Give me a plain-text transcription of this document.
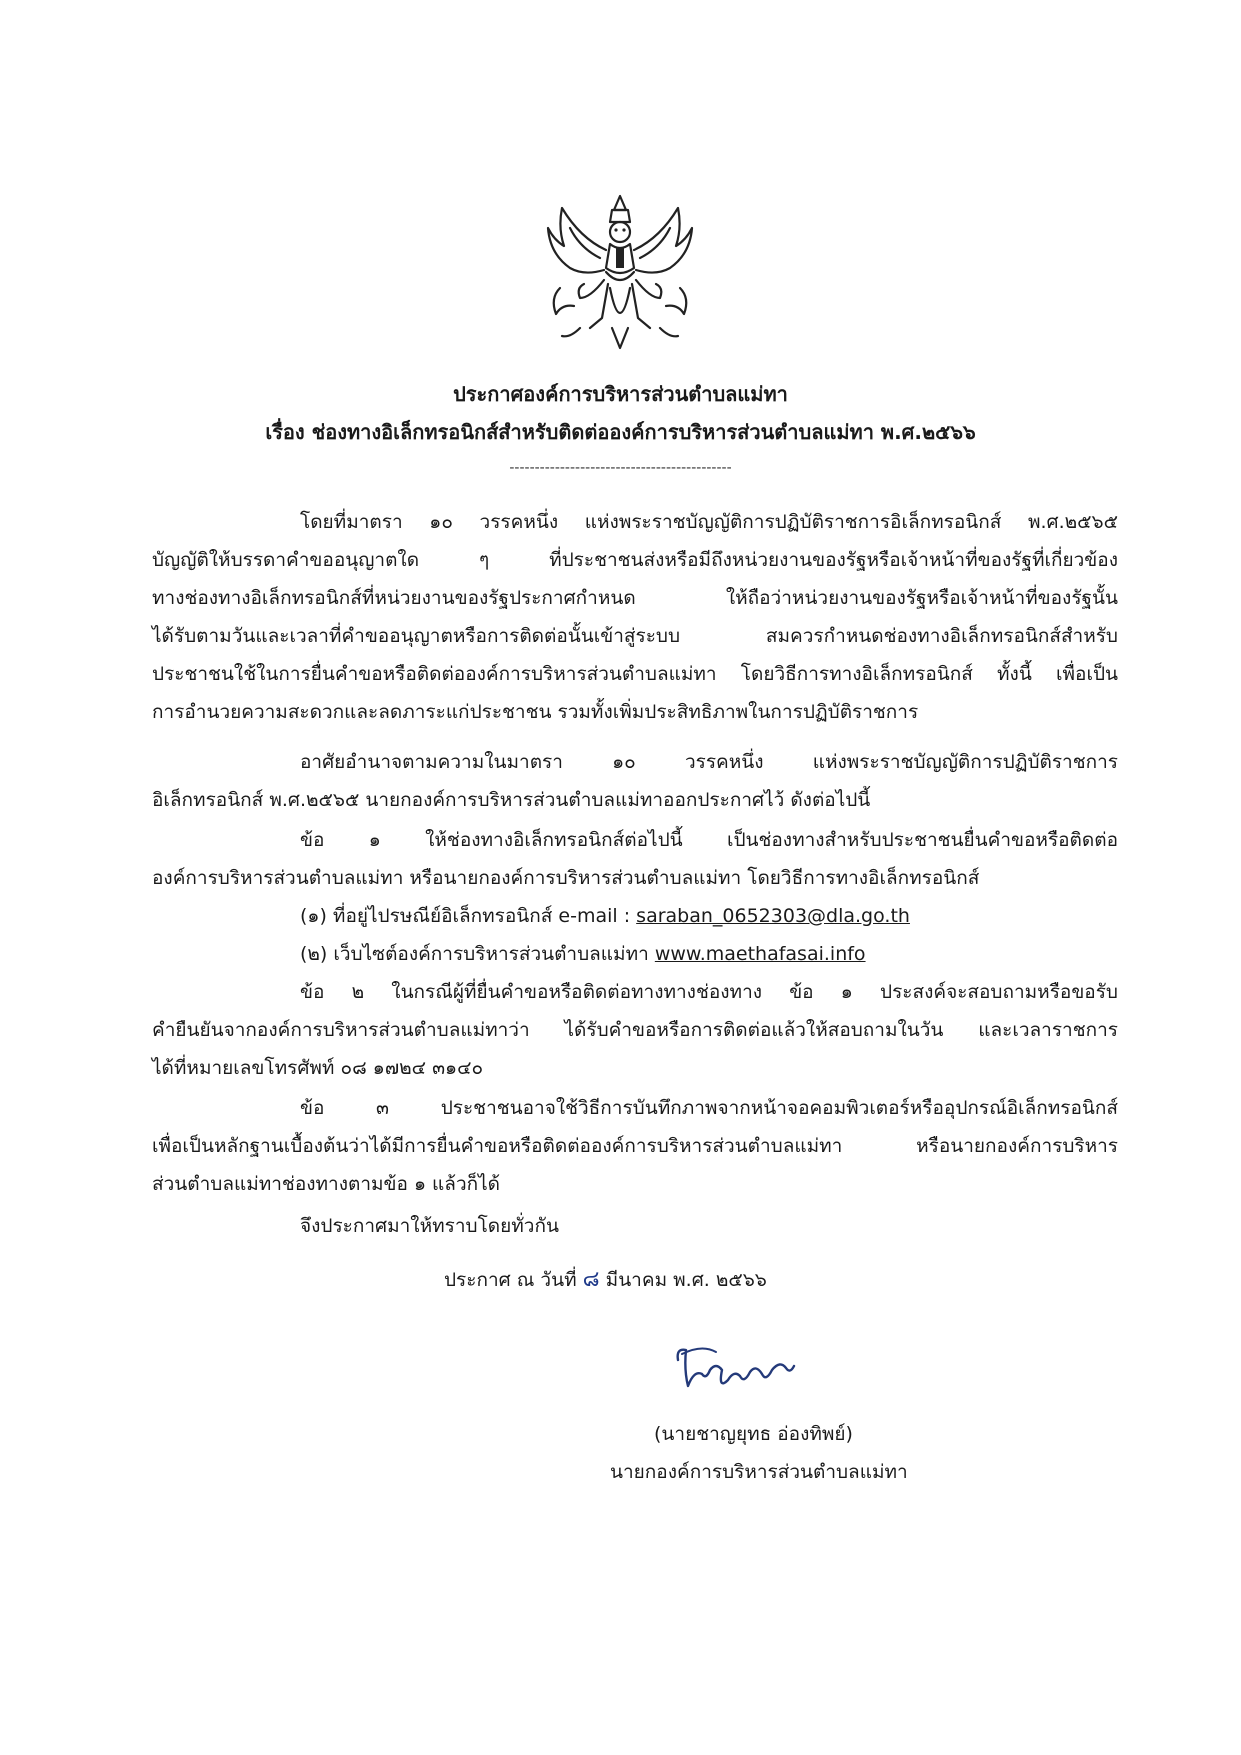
ประกาศองค์การบริหารส่วนตำบลแม่ทา
เรื่อง ช่องทางอิเล็กทรอนิกส์สำหรับติดต่อองค์การบริหารส่วนตำบลแม่ทา พ.ศ.๒๕๖๖
--------------------------------------------
โดยที่มาตรา ๑๐ วรรคหนึ่ง แห่งพระราชบัญญัติการปฏิบัติราชการอิเล็กทรอนิกส์ พ.ศ.๒๕๖๕
บัญญัติให้บรรดาคำขออนุญาตใด ๆ ที่ประชาชนส่งหรือมีถึงหน่วยงานของรัฐหรือเจ้าหน้าที่ของรัฐที่เกี่ยวข้อง
ทางช่องทางอิเล็กทรอนิกส์ที่หน่วยงานของรัฐประกาศกำหนด ให้ถือว่าหน่วยงานของรัฐหรือเจ้าหน้าที่ของรัฐนั้น
ได้รับตามวันและเวลาที่คำขออนุญาตหรือการติดต่อนั้นเข้าสู่ระบบ สมควรกำหนดช่องทางอิเล็กทรอนิกส์สำหรับ
ประชาชนใช้ในการยื่นคำขอหรือติดต่อองค์การบริหารส่วนตำบลแม่ทา โดยวิธีการทางอิเล็กทรอนิกส์ ทั้งนี้ เพื่อเป็น
การอำนวยความสะดวกและลดภาระแก่ประชาชน รวมทั้งเพิ่มประสิทธิภาพในการปฏิบัติราชการ
อาศัยอำนาจตามความในมาตรา ๑๐ วรรคหนึ่ง แห่งพระราชบัญญัติการปฏิบัติราชการ
อิเล็กทรอนิกส์ พ.ศ.๒๕๖๕ นายกองค์การบริหารส่วนตำบลแม่ทาออกประกาศไว้ ดังต่อไปนี้
ข้อ ๑ ให้ช่องทางอิเล็กทรอนิกส์ต่อไปนี้ เป็นช่องทางสำหรับประชาชนยื่นคำขอหรือติดต่อ
องค์การบริหารส่วนตำบลแม่ทา หรือนายกองค์การบริหารส่วนตำบลแม่ทา โดยวิธีการทางอิเล็กทรอนิกส์
(๑) ที่อยู่ไปรษณีย์อิเล็กทรอนิกส์ e-mail : saraban_0652303@dla.go.th
(๒) เว็บไซต์องค์การบริหารส่วนตำบลแม่ทา www.maethafasai.info
ข้อ ๒ ในกรณีผู้ที่ยื่นคำขอหรือติดต่อทางทางช่องทาง ข้อ ๑ ประสงค์จะสอบถามหรือขอรับ
คำยืนยันจากองค์การบริหารส่วนตำบลแม่ทาว่า ได้รับคำขอหรือการติดต่อแล้วให้สอบถามในวัน และเวลาราชการ
ได้ที่หมายเลขโทรศัพท์ ๐๘ ๑๗๒๔ ๓๑๔๐
ข้อ ๓ ประชาชนอาจใช้วิธีการบันทึกภาพจากหน้าจอคอมพิวเตอร์หรืออุปกรณ์อิเล็กทรอนิกส์
เพื่อเป็นหลักฐานเบื้องต้นว่าได้มีการยื่นคำขอหรือติดต่อองค์การบริหารส่วนตำบลแม่ทา หรือนายกองค์การบริหาร
ส่วนตำบลแม่ทาช่องทางตามข้อ ๑ แล้วก็ได้
จึงประกาศมาให้ทราบโดยทั่วกัน
ประกาศ ณ วันที่ ๘ มีนาคม พ.ศ. ๒๕๖๖
(นายชาญยุทธ อ่องทิพย์)
นายกองค์การบริหารส่วนตำบลแม่ทา
